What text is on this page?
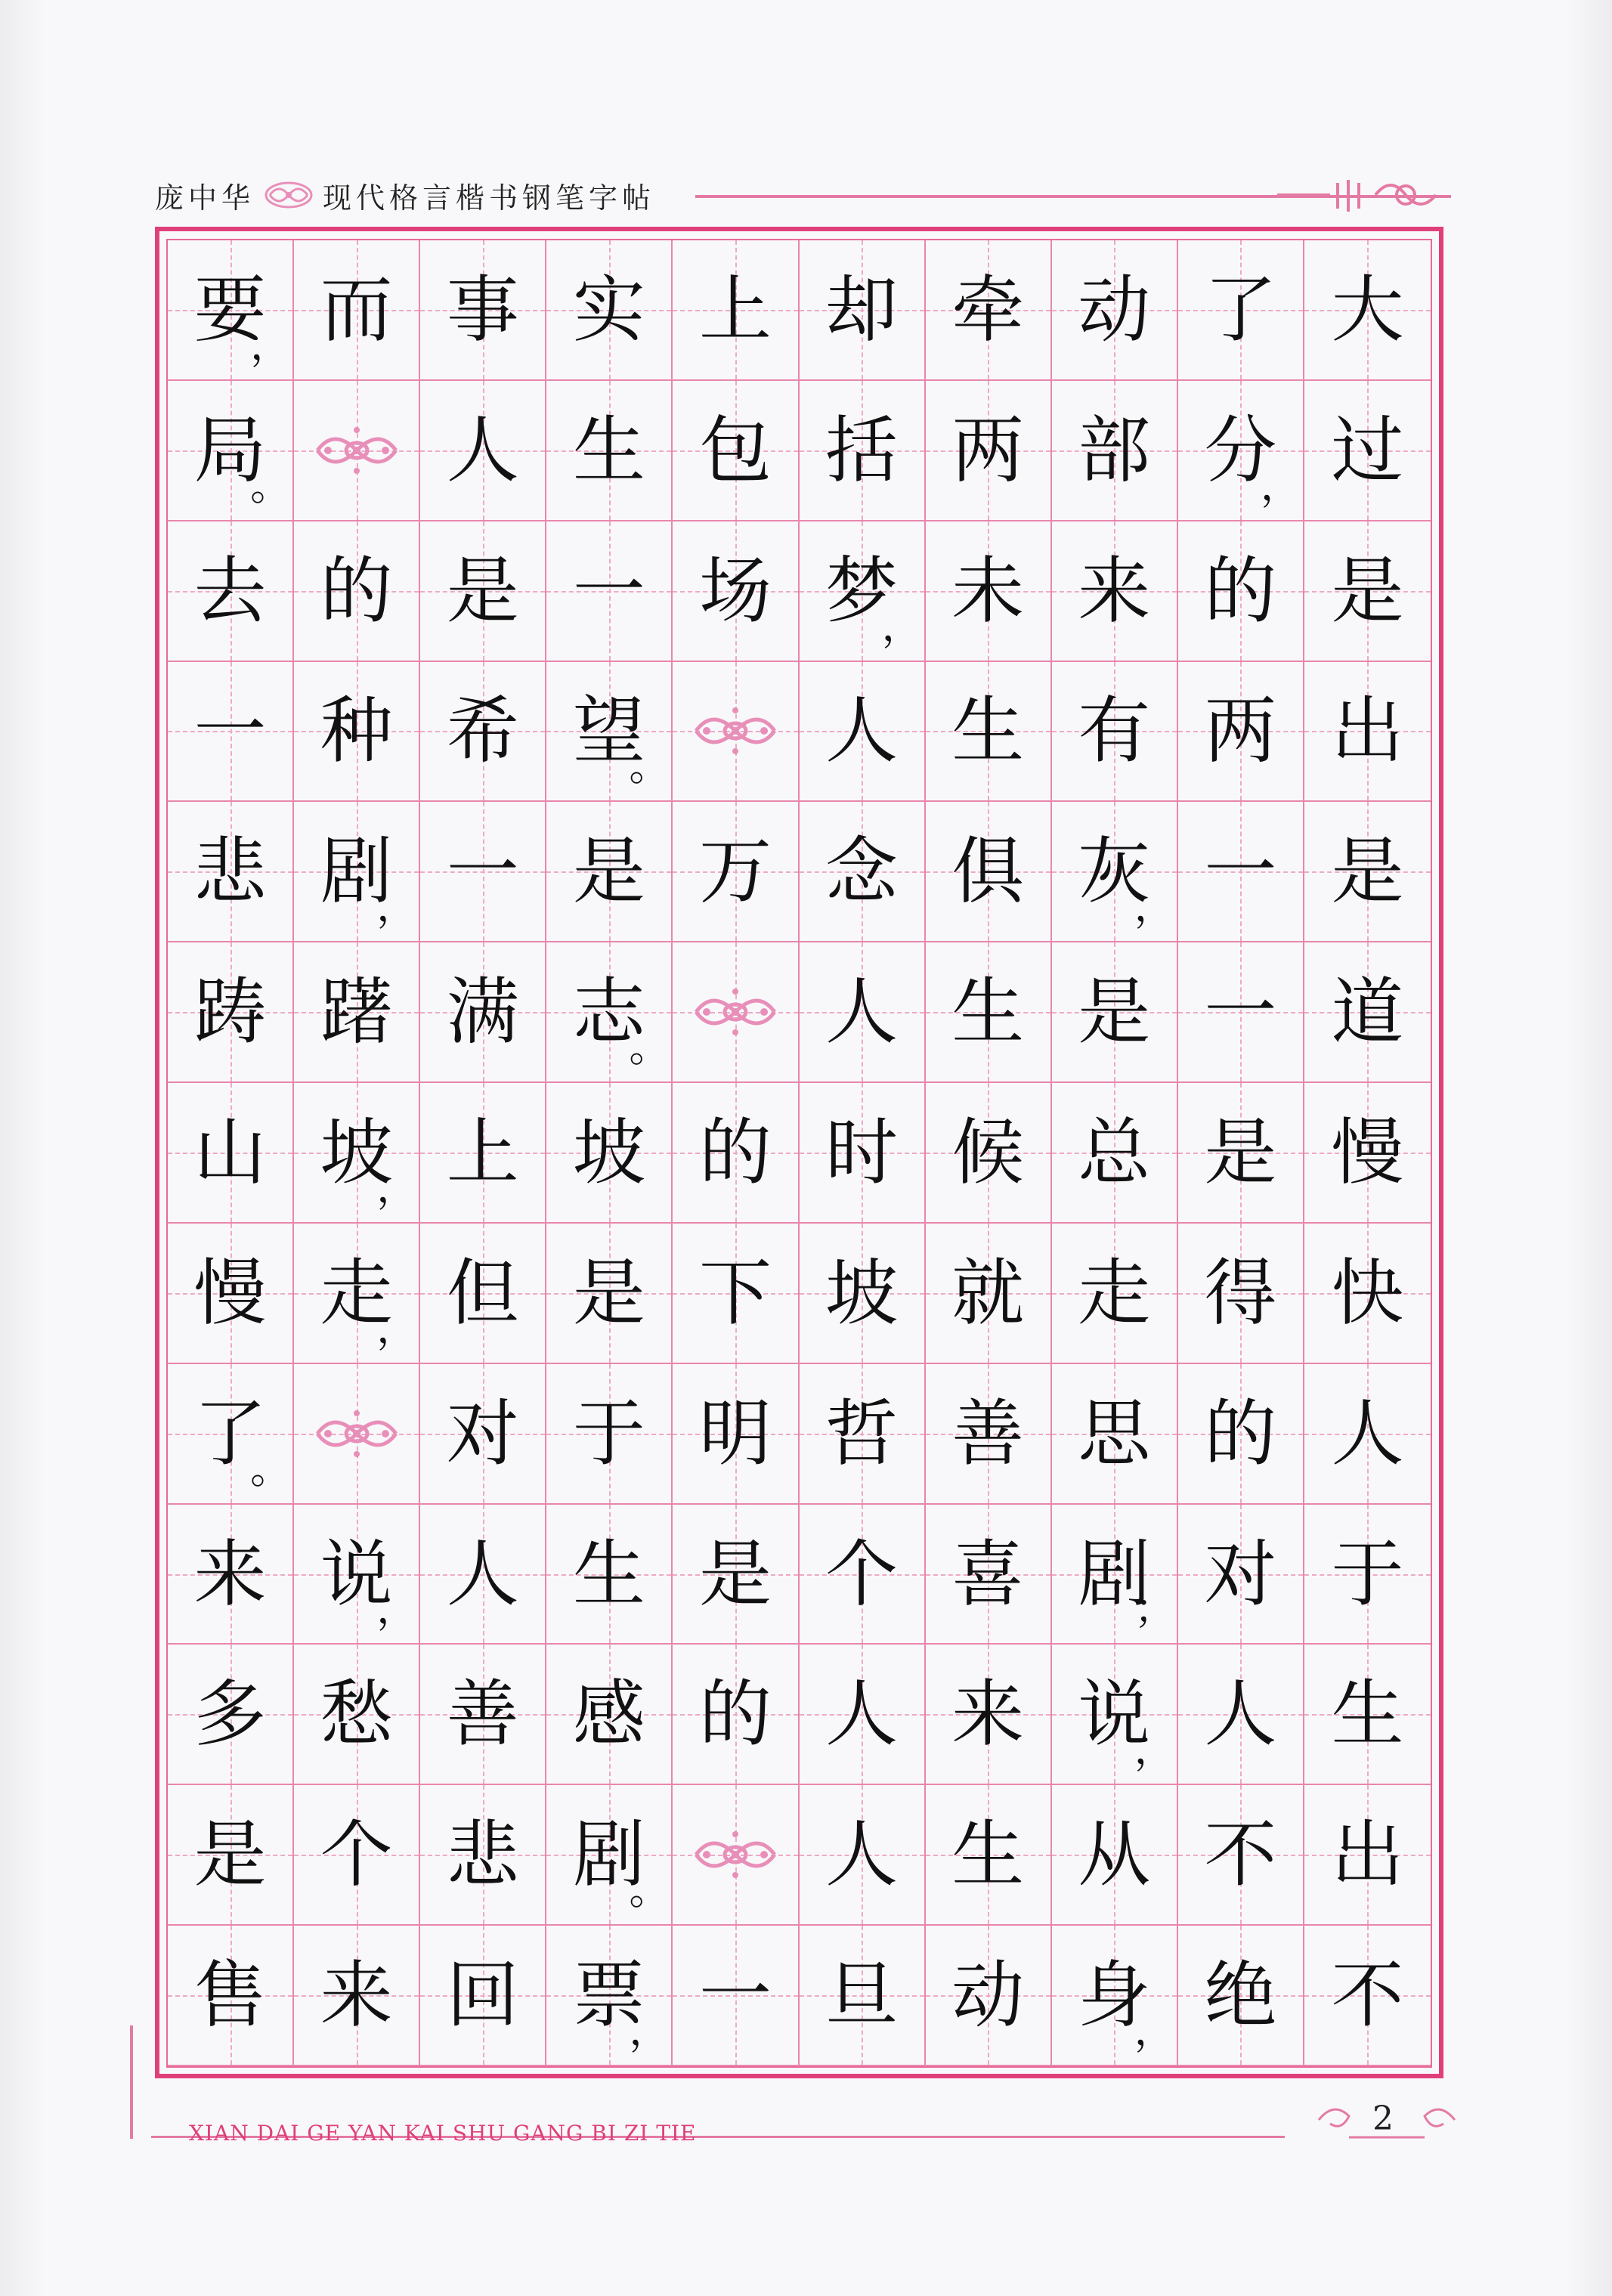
庞中华 现代格言楷书钢笔字帖
要
， 而 事 实 上 却 牵 动 了 大
局
。	人 生 包 括 两 部 分
， 过
去 的 是 一 场 梦
， 未 来 的 是
一 种 希 望
。	人 生 有 两 出
悲 剧
， 一 是 万 念 俱 灰
， 一 是
踌 躇 满 志
。	人 生 是 一 道
山 坡
， 上 坡 的 时 候 总 是 慢
慢 走
， 但 是 下 坡 就 走 得 快
了
。	对 于 明 哲 善 思 的 人
来 说
， 人 生 是 个 喜 剧
； 对 于
多 愁 善 感 的 人 来 说
， 人 生
是 个 悲 剧
。	人 生 从 不 出
售 来 回 票
， 一 旦 动 身
， 绝 不
XIAN DAI GE YAN KAI SHU GANG BI ZI TIE	2
